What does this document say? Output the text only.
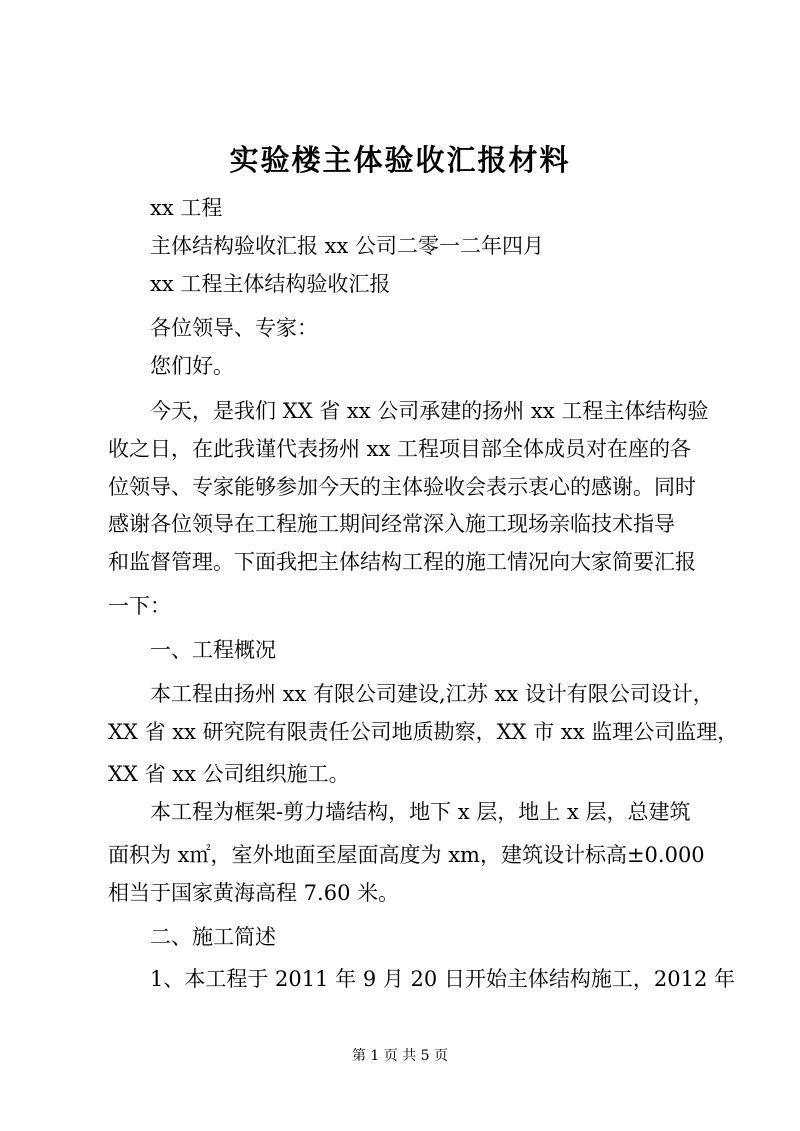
实验楼主体验收汇报材料
xx 工程
主体结构验收汇报 xx 公司二零一二年四月
xx 工程主体结构验收汇报
各位领导、专家：
您们好。
今天，是我们 XX 省 xx 公司承建的扬州 xx 工程主体结构验
收之日，在此我谨代表扬州 xx 工程项目部全体成员对在座的各
位领导、专家能够参加今天的主体验收会表示衷心的感谢。同时
感谢各位领导在工程施工期间经常深入施工现场亲临技术指导
和监督管理。下面我把主体结构工程的施工情况向大家简要汇报
一下：
一、工程概况
本工程由扬州 xx 有限公司建设,江苏 xx 设计有限公司设计，
XX 省 xx 研究院有限责任公司地质勘察，XX 市 xx 监理公司监理，
XX 省 xx 公司组织施工。
本工程为框架-剪力墙结构，地下 x 层，地上 x 层，总建筑
面积为 x㎡，室外地面至屋面高度为 xm，建筑设计标高±0.000
相当于国家黄海高程 7.60 米。
二、施工简述
1、本工程于 2011 年 9 月 20 日开始主体结构施工，2012 年
第 1 页 共 5 页
